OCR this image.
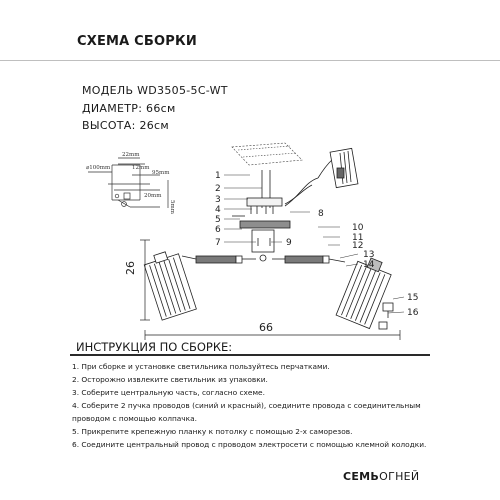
СХЕМА СБОРКИ
МОДЕЛЬ WD3505-5C-WT
ДИАМЕТР: 66см
ВЫСОТА: 26см
⌀100mm
22mm
12mm
95mm
20mm
5mm
26
66
1
2
3
4
5
6
7
8
9
10
11
12
13
14
15
16
ИНСТРУКЦИЯ ПО СБОРКЕ:
1. При сборке и установке светильника пользуйтесь перчатками.
2. Осторожно извлеките светильник из упаковки.
3. Соберите центральную часть, согласно схеме.
4. Соберите 2 пучка проводов (синий и красный), соедините провода с соединительным проводом с помощью колпачка.
5. Прикрепите крепежную планку к потолку с помощью 2-х саморезов.
6. Соедините центральный провод с проводом электросети с помощью клемной колодки.
СЕМЬОГНЕЙ
